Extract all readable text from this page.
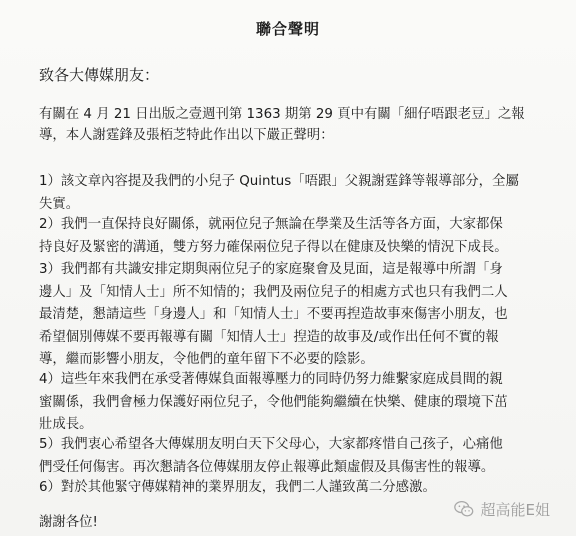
聯合聲明
致各大傳媒朋友：
有關在 4 月 21 日出版之壹週刊第 1363 期第 29 頁中有關「細仔唔跟老豆」之報
導，本人謝霆鋒及張栢芝特此作出以下嚴正聲明：
1）該文章內容提及我們的小兒子 Quintus「唔跟」父親謝霆鋒等報導部分，全屬
失實。
2）我們一直保持良好關係，就兩位兒子無論在學業及生活等各方面，大家都保
持良好及緊密的溝通，雙方努力確保兩位兒子得以在健康及快樂的情況下成長。
3）我們都有共識安排定期與兩位兒子的家庭聚會及見面，這是報導中所謂「身
邊人」及「知情人士」所不知情的；我們及兩位兒子的相處方式也只有我們二人
最清楚，懇請這些「身邊人」和「知情人士」不要再揑造故事來傷害小朋友，也
希望個別傳媒不要再報導有關「知情人士」揑造的故事及/或作出任何不實的報
導，繼而影響小朋友，令他們的童年留下不必要的陰影。
4）這些年來我們在承受著傳媒負面報導壓力的同時仍努力維繫家庭成員間的親
蜜關係，我們會極力保護好兩位兒子，令他們能夠繼續在快樂、健康的環境下茁
壯成長。
5）我們衷心希望各大傳媒朋友明白天下父母心，大家都疼惜自己孩子，心痛他
們受任何傷害。再次懇請各位傳媒朋友停止報導此類虛假及具傷害性的報導。
6）對於其他緊守傳媒精神的業界朋友，我們二人謹致萬二分感激。
謝謝各位!
超高能E姐
